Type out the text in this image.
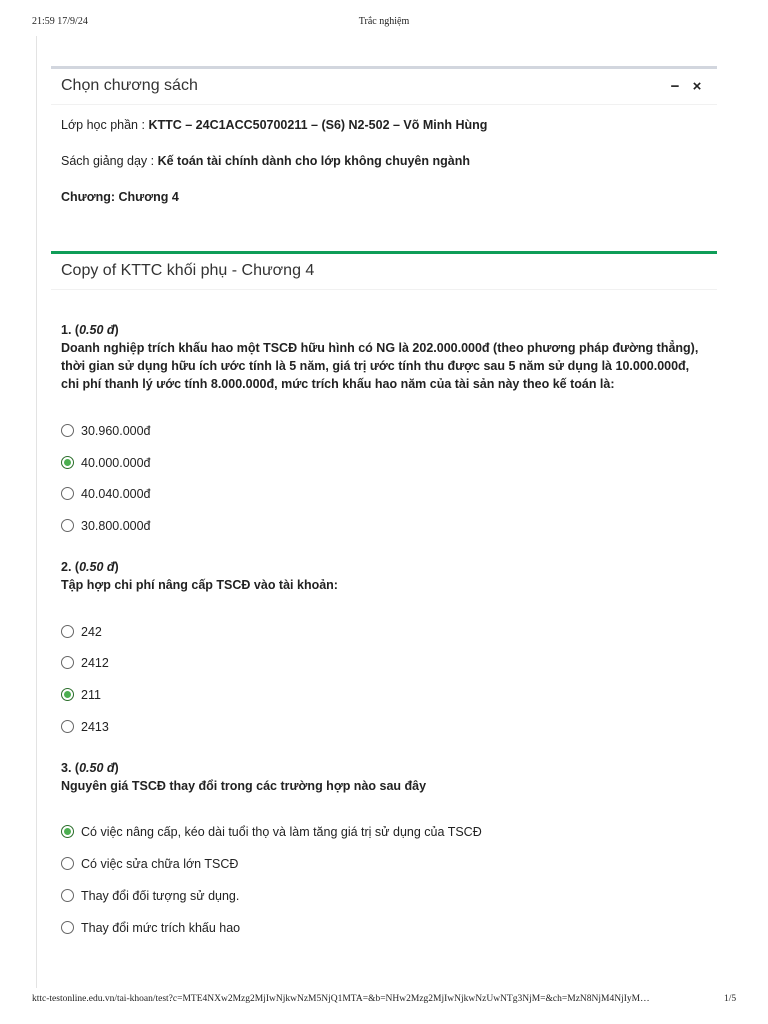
21:59 17/9/24	Trắc nghiệm
Chọn chương sách	− ×
Lớp học phần : KTTC – 24C1ACC50700211 – (S6) N2-502 – Võ Minh Hùng
Sách giảng dạy : Kế toán tài chính dành cho lớp không chuyên ngành
Chương: Chương 4
Copy of KTTC khối phụ - Chương 4
1. (0.50 đ)
Doanh nghiệp trích khấu hao một TSCĐ hữu hình có NG là 202.000.000đ (theo phương pháp đường thẳng), thời gian sử dụng hữu ích ước tính là 5 năm, giá trị ước tính thu được sau 5 năm sử dụng là 10.000.000đ, chi phí thanh lý ước tính 8.000.000đ, mức trích khấu hao năm của tài sản này theo kế toán là:
30.960.000đ
40.000.000đ
40.040.000đ
30.800.000đ
2. (0.50 đ)
Tập hợp chi phí nâng cấp TSCĐ vào tài khoản:
242
2412
211
2413
3. (0.50 đ)
Nguyên giá TSCĐ thay đổi trong các trường hợp nào sau đây
Có việc nâng cấp, kéo dài tuổi thọ và làm tăng giá trị sử dụng của TSCĐ
Có việc sửa chữa lớn TSCĐ
Thay đổi đối tượng sử dụng.
Thay đổi mức trích khấu hao
kttc-testonline.edu.vn/tai-khoan/test?c=MTE4NXw2Mzg2MjIwNjkwNzM5NjQ1MTA=&b=NHw2Mzg2MjIwNjkwNzUwNTg3NjM=&ch=MzN8NjM4NjIyM…	1/5
